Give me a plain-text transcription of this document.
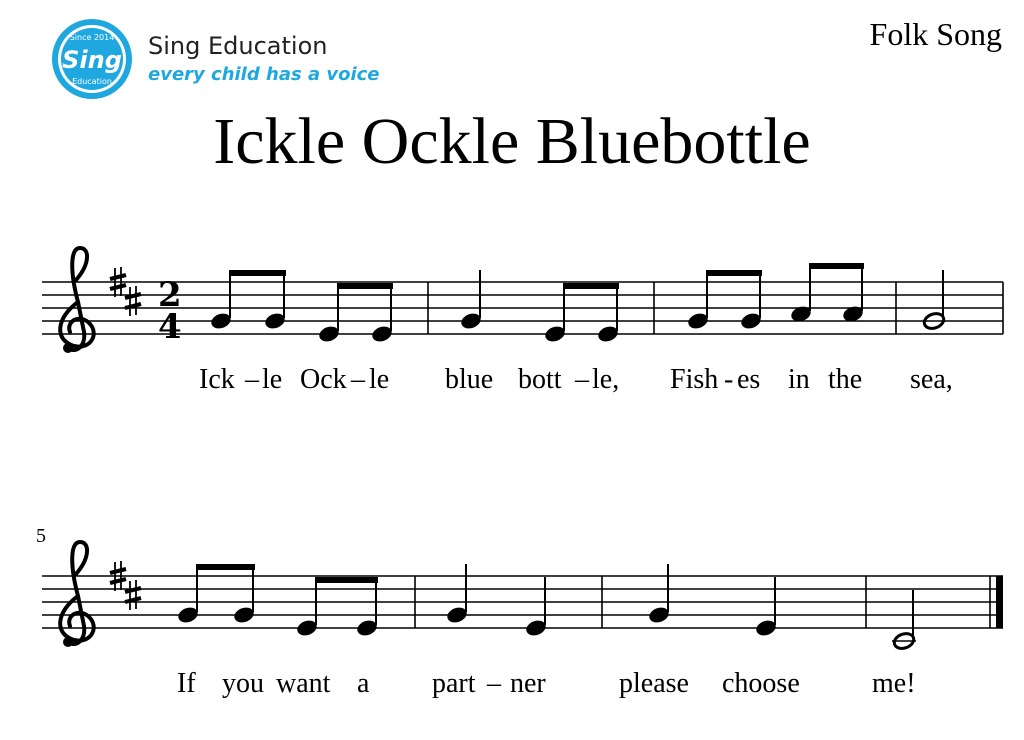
Since 2014
Sing
Education
Sing Education
every child has a voice
Folk Song
Ickle Ockle Bluebottle
2
4
Ick – le Ock – le blue bott – le, Fish - es in the sea,
5
If you want a part – ner	please choose	me!
